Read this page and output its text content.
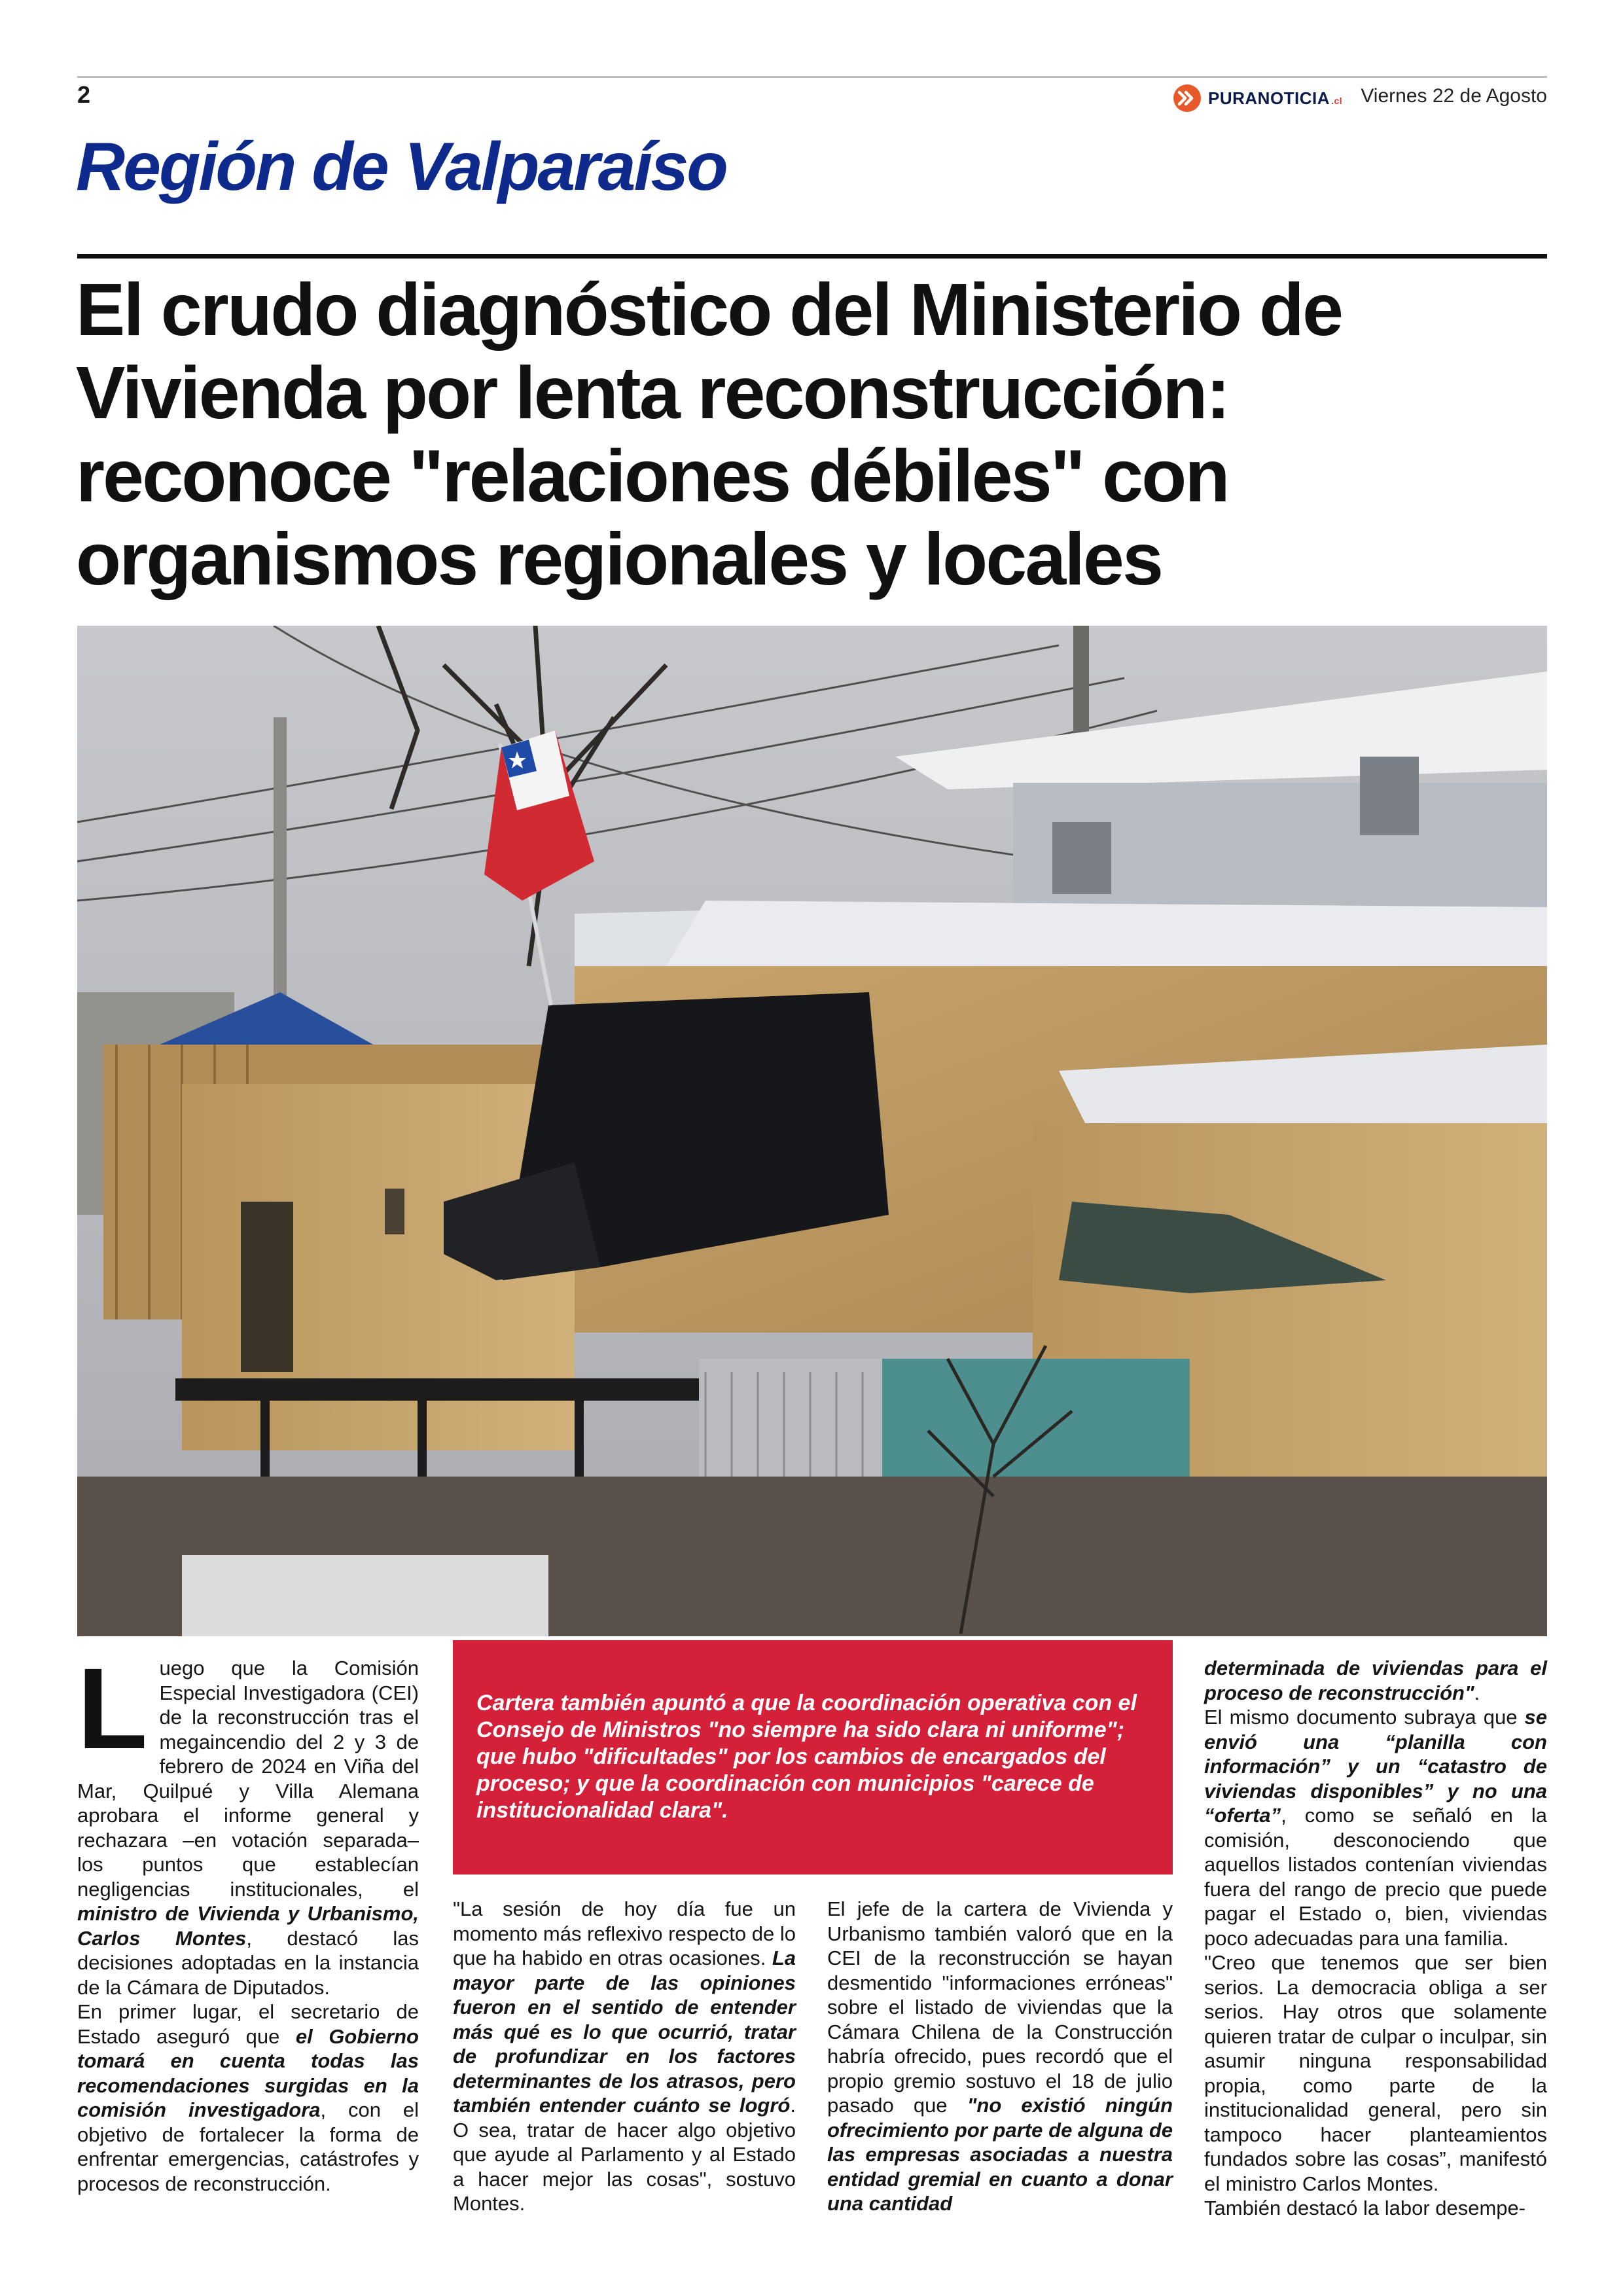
2	PURANOTICIA .cl Viernes 22 de Agosto
Región de Valparaíso
El crudo diagnóstico del Ministerio de
Vivienda por lenta reconstrucción:
reconoce "relaciones débiles" con
organismos regionales y locales
L uego que la Comisión Especial Investigadora (CEI) de la reconstrucción tras el megaincendio del 2 y 3 de febrero de 2024 en Viña del Mar, Quilpué y Villa Alemana aprobara el informe general y rechazara –en votación separada– los puntos que establecían negligencias institucionales, el ministro de Vivienda y Urbanismo, Carlos Montes, destacó las decisiones adoptadas en la instancia de la Cámara de Diputados.

En primer lugar, el secretario de Estado aseguró que el Gobierno tomará en cuenta todas las recomendaciones surgidas en la comisión investigadora, con el objetivo de fortalecer la forma de enfrentar emergencias, catástrofes y procesos de reconstrucción.

Cartera también apuntó a que la coordinación operativa con el Consejo de Ministros "no siempre ha sido clara ni uniforme"; que hubo "dificultades" por los cambios de encargados del proceso; y que la coordinación con municipios "carece de institucionalidad clara".

"La sesión de hoy día fue un momento más reflexivo respecto de lo que ha habido en otras ocasiones. La mayor parte de las opiniones fueron en el sentido de entender más qué es lo que ocurrió, tratar de profundizar en los factores determinantes de los atrasos, pero también entender cuánto se logró. O sea, tratar de hacer algo objetivo que ayude al Parlamento y al Estado a hacer mejor las cosas", sostuvo Montes.

El jefe de la cartera de Vivienda y Urbanismo también valoró que en la CEI de la reconstrucción se hayan desmentido "informaciones erróneas" sobre el listado de viviendas que la Cámara Chilena de la Construcción habría ofrecido, pues recordó que el propio gremio sostuvo el 18 de julio pasado que "no existió ningún ofrecimiento por parte de alguna de las empresas asociadas a nuestra entidad gremial en cuanto a donar una cantidad

determinada de viviendas para el proceso de reconstrucción".

El mismo documento subraya que se envió una “planilla con información” y un “catastro de viviendas disponibles” y no una “oferta”, como se señaló en la comisión, desconociendo que aquellos listados contenían viviendas fuera del rango de precio que puede pagar el Estado o, bien, viviendas poco adecuadas para una familia.

"Creo que tenemos que ser bien serios. La democracia obliga a ser serios. Hay otros que solamente quieren tratar de culpar o inculpar, sin asumir ninguna responsabilidad propia, como parte de la institucionalidad general, pero sin tampoco hacer planteamientos fundados sobre las cosas”, manifestó el ministro Carlos Montes.

También destacó la labor desempe-
